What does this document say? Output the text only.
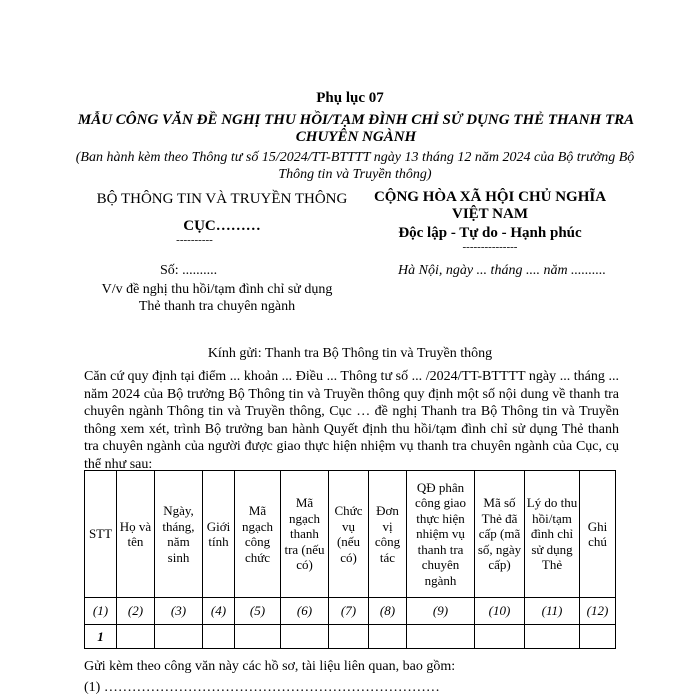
Phụ lục 07
MẪU CÔNG VĂN ĐỀ NGHỊ THU HỒI/TẠM ĐÌNH CHỈ SỬ DỤNG THẺ THANH TRA CHUYÊN NGÀNH
(Ban hành kèm theo Thông tư số 15/2024/TT-BTTTT ngày 13 tháng 12 năm 2024 của Bộ trưởng Bộ Thông tin và Truyền thông)
BỘ THÔNG TIN VÀ TRUYỀN THÔNG
CỤC………
----------
CỘNG HÒA XÃ HỘI CHỦ NGHĨA VIỆT NAM
Độc lập - Tự do - Hạnh phúc
---------------
Số: ..........
V/v đề nghị thu hồi/tạm đình chỉ sử dụng
Thẻ thanh tra chuyên ngành
Hà Nội, ngày ... tháng .... năm ..........
Kính gửi: Thanh tra Bộ Thông tin và Truyền thông
Căn cứ quy định tại điểm ... khoản ... Điều ... Thông tư số ... /2024/TT-BTTTT ngày ... tháng ... năm 2024 của Bộ trưởng Bộ Thông tin và Truyền thông quy định một số nội dung về thanh tra chuyên ngành Thông tin và Truyền thông, Cục … đề nghị Thanh tra Bộ Thông tin và Truyền thông xem xét, trình Bộ trưởng ban hành Quyết định thu hồi/tạm đình chỉ sử dụng Thẻ thanh tra chuyên ngành của người được giao thực hiện nhiệm vụ thanh tra chuyên ngành của Cục, cụ thể như sau:
STT	Họ và tên	Ngày, tháng, năm sinh	Giới tính	Mã ngạch công chức	Mã ngạch thanh tra (nếu có)	Chức vụ (nếu có)	Đơn vị công tác	QĐ phân công giao thực hiện nhiệm vụ thanh tra chuyên ngành	Mã số Thẻ đã cấp (mã số, ngày cấp)	Lý do thu hồi/tạm đình chỉ sử dụng Thẻ	Ghi chú
(1)	(2)	(3)	(4)	(5)	(6)	(7)	(8)	(9)	(10)	(11)	(12)
1											
Gửi kèm theo công văn này các hồ sơ, tài liệu liên quan, bao gồm:
(1) ………………………………………………………………
